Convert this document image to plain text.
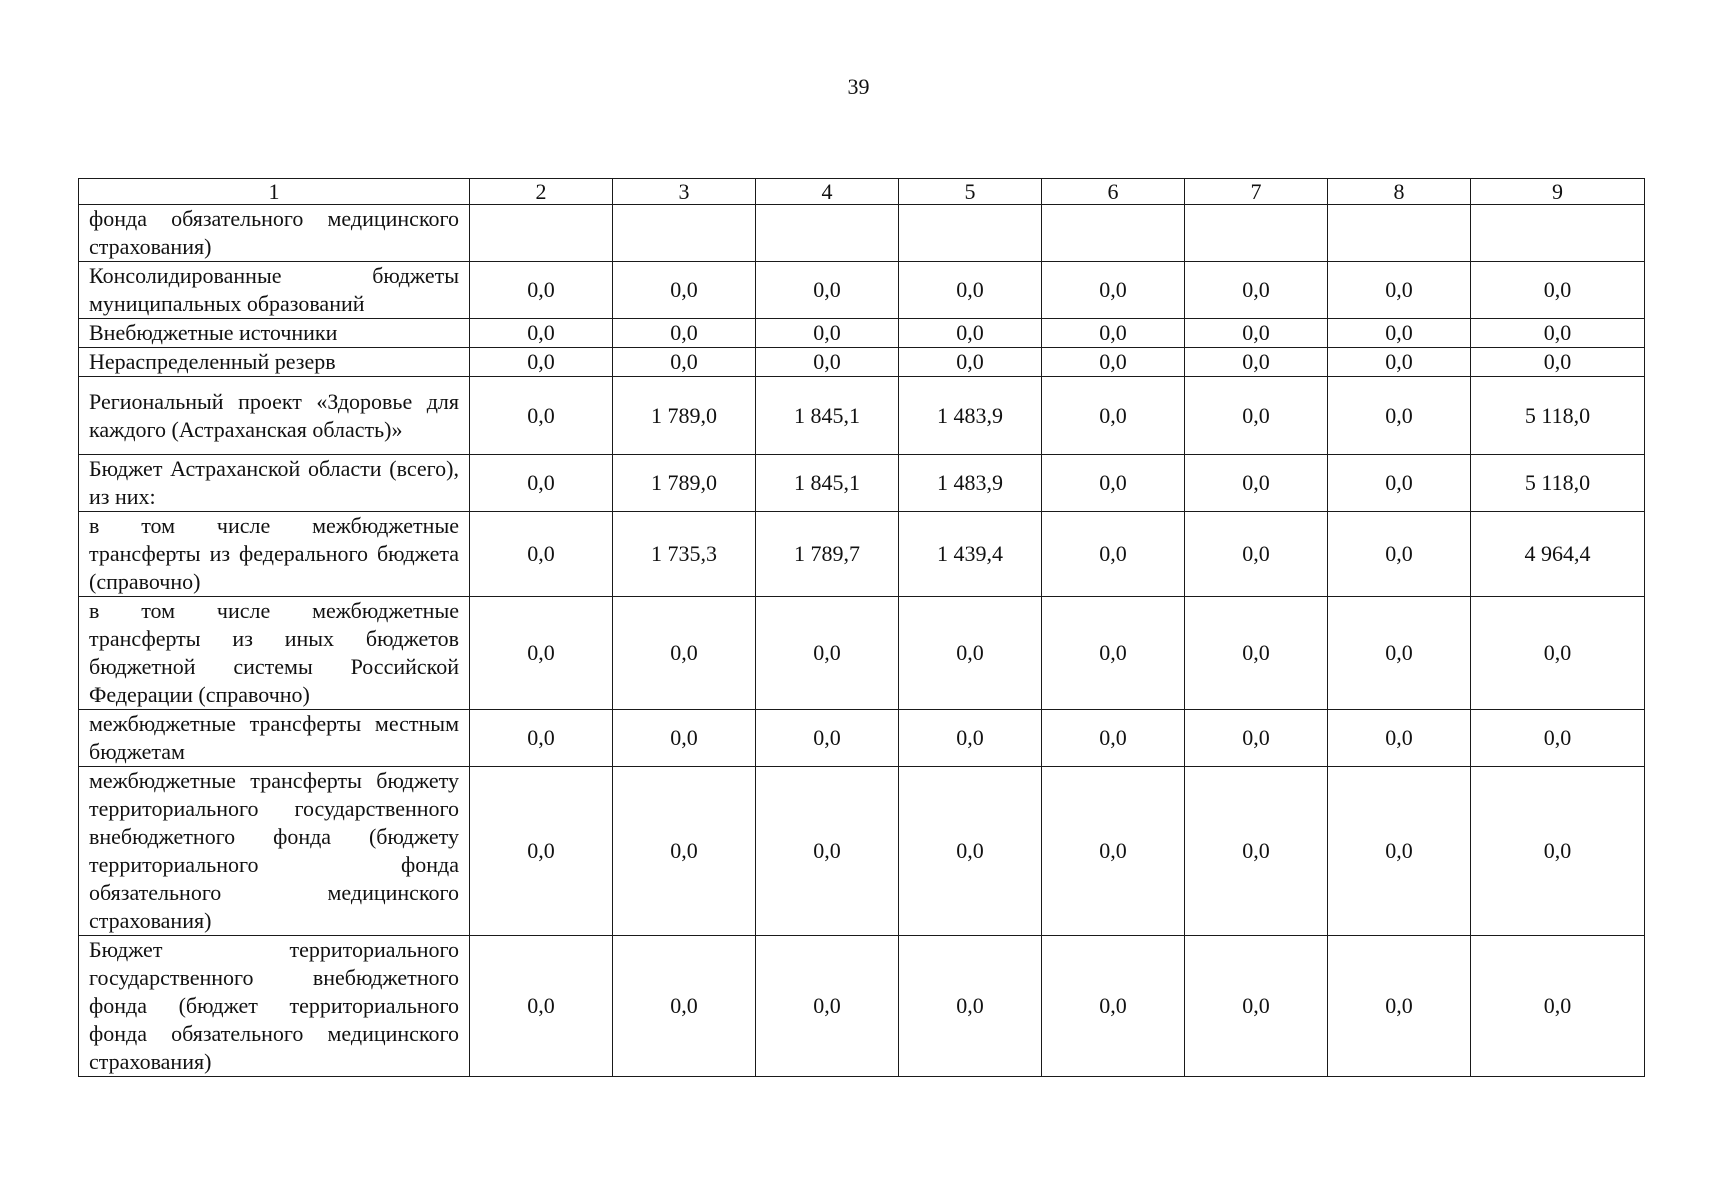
39
1	2	3	4	5	6	7	8	9
фонда обязательного медицинского страхования)								
Консолидированные бюджеты муниципальных образований	0,0	0,0	0,0	0,0	0,0	0,0	0,0	0,0
Внебюджетные источники	0,0	0,0	0,0	0,0	0,0	0,0	0,0	0,0
Нераспределенный резерв	0,0	0,0	0,0	0,0	0,0	0,0	0,0	0,0
Региональный проект «Здоровье для каждого (Астраханская область)»	0,0	1 789,0	1 845,1	1 483,9	0,0	0,0	0,0	5 118,0
Бюджет Астраханской области (всего), из них:	0,0	1 789,0	1 845,1	1 483,9	0,0	0,0	0,0	5 118,0
в том числе межбюджетные трансферты из федерального бюджета (справочно)	0,0	1 735,3	1 789,7	1 439,4	0,0	0,0	0,0	4 964,4
в том числе межбюджетные трансферты из иных бюджетов бюджетной системы Российской Федерации (справочно)	0,0	0,0	0,0	0,0	0,0	0,0	0,0	0,0
межбюджетные трансферты местным бюджетам	0,0	0,0	0,0	0,0	0,0	0,0	0,0	0,0
межбюджетные трансферты бюджету территориального государственного внебюджетного фонда (бюджету территориального фонда обязательного медицинского страхования)	0,0	0,0	0,0	0,0	0,0	0,0	0,0	0,0
Бюджет территориального государственного внебюджетного фонда (бюджет территориального фонда обязательного медицинского страхования)	0,0	0,0	0,0	0,0	0,0	0,0	0,0	0,0
